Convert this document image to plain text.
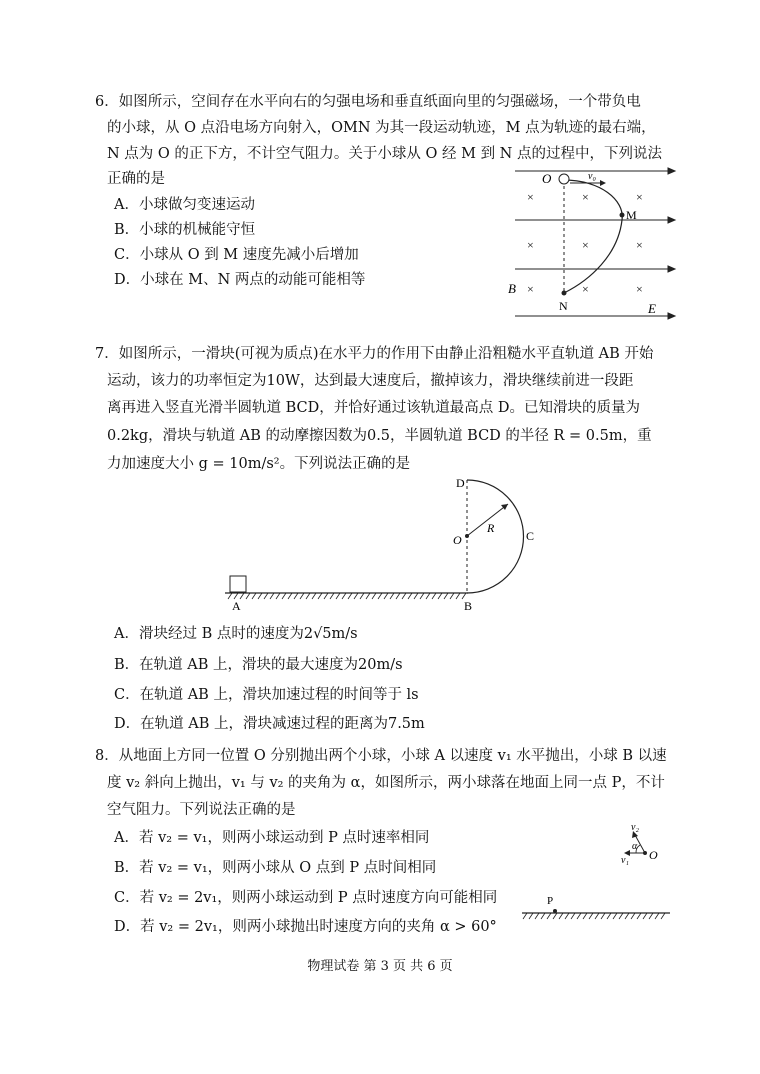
6．如图所示，空间存在水平向右的匀强电场和垂直纸面向里的匀强磁场，一个带负电
的小球，从 O 点沿电场方向射入，OMN 为其一段运动轨迹，M 点为轨迹的最右端，
N 点为 O 的正下方，不计空气阻力。关于小球从 O 经 M 到 N 点的过程中，下列说法
正确的是
A．小球做匀变速运动
B．小球的机械能守恒
C．小球从 O 到 M 速度先减小后增加
D．小球在 M、N 两点的动能可能相等
O	v₀
M
N
B
E
×	×	×
×	×	×
×	×	×
7．如图所示，一滑块(可视为质点)在水平力的作用下由静止沿粗糙水平直轨道 AB 开始
运动，该力的功率恒定为10W，达到最大速度后，撤掉该力，滑块继续前进一段距
离再进入竖直光滑半圆轨道 BCD，并恰好通过该轨道最高点 D。已知滑块的质量为
0.2kg，滑块与轨道 AB 的动摩擦因数为0.5，半圆轨道 BCD 的半径 R = 0.5m，重
力加速度大小 g = 10m/s²。下列说法正确的是
A	B
C
D
O
R
A．滑块经过 B 点时的速度为2√5m/s
B．在轨道 AB 上，滑块的最大速度为20m/s
C．在轨道 AB 上，滑块加速过程的时间等于 ls
D．在轨道 AB 上，滑块减速过程的距离为7.5m
8．从地面上方同一位置 O 分别抛出两个小球，小球 A 以速度 v₁ 水平抛出，小球 B 以速
度 v₂ 斜向上抛出，v₁ 与 v₂ 的夹角为 α，如图所示，两小球落在地面上同一点 P，不计
空气阻力。下列说法正确的是
A．若 v₂ = v₁，则两小球运动到 P 点时速率相同
B．若 v₂ = v₁，则两小球从 O 点到 P 点时间相同
C．若 v₂ = 2v₁，则两小球运动到 P 点时速度方向可能相同
D．若 v₂ = 2v₁，则两小球抛出时速度方向的夹角 α > 60°
v₂
α
v₁ O
P
物理试卷 第 3 页 共 6 页
